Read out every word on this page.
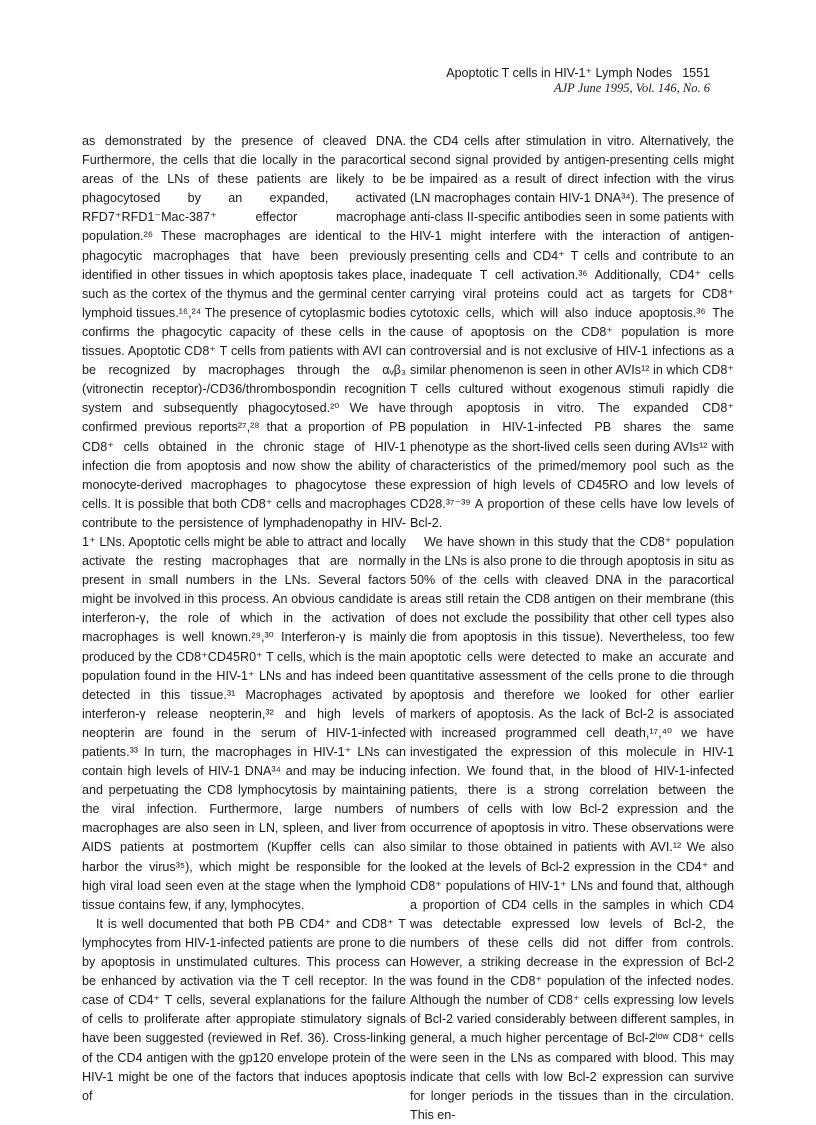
Apoptotic T cells in HIV-1⁺ Lymph Nodes 1551
AJP June 1995, Vol. 146, No. 6

as demonstrated by the presence of cleaved DNA. Furthermore, the cells that die locally in the paracortical areas of the LNs of these patients are likely to be phagocytosed by an expanded, activated RFD7⁺RFD1⁻Mac-387⁺ effector macrophage population.²⁶ These macrophages are identical to the phagocytic macrophages that have been previously identified in other tissues in which apoptosis takes place, such as the cortex of the thymus and the germinal center lymphoid tissues.¹⁶,²⁴ The presence of cytoplasmic bodies confirms the phagocytic capacity of these cells in the tissues. Apoptotic CD8⁺ T cells from patients with AVI can be recognized by macrophages through the αᵥβ₃ (vitronectin receptor)-/CD36/thrombospondin recognition system and subsequently phagocytosed.²⁰ We have confirmed previous reports²⁷,²⁸ that a proportion of PB CD8⁺ cells obtained in the chronic stage of HIV-1 infection die from apoptosis and now show the ability of monocyte-derived macrophages to phagocytose these cells. It is possible that both CD8⁺ cells and macrophages contribute to the persistence of lymphadenopathy in HIV-1⁺ LNs. Apoptotic cells might be able to attract and locally activate the resting macrophages that are normally present in small numbers in the LNs. Several factors might be involved in this process. An obvious candidate is interferon-γ, the role of which in the activation of macrophages is well known.²⁹,³⁰ Interferon-γ is mainly produced by the CD8⁺CD45R0⁺ T cells, which is the main population found in the HIV-1⁺ LNs and has indeed been detected in this tissue.³¹ Macrophages activated by interferon-γ release neopterin,³² and high levels of neopterin are found in the serum of HIV-1-infected patients.³³ In turn, the macrophages in HIV-1⁺ LNs can contain high levels of HIV-1 DNA³⁴ and may be inducing and perpetuating the CD8 lymphocytosis by maintaining the viral infection. Furthermore, large numbers of macrophages are also seen in LN, spleen, and liver from AIDS patients at postmortem (Kupffer cells can also harbor the virus³⁵), which might be responsible for the high viral load seen even at the stage when the lymphoid tissue contains few, if any, lymphocytes.

It is well documented that both PB CD4⁺ and CD8⁺ T lymphocytes from HIV-1-infected patients are prone to die by apoptosis in unstimulated cultures. This process can be enhanced by activation via the T cell receptor. In the case of CD4⁺ T cells, several explanations for the failure of cells to proliferate after appropiate stimulatory signals have been suggested (reviewed in Ref. 36). Cross-linking of the CD4 antigen with the gp120 envelope protein of the HIV-1 might be one of the factors that induces apoptosis of

the CD4 cells after stimulation in vitro. Alternatively, the second signal provided by antigen-presenting cells might be impaired as a result of direct infection with the virus (LN macrophages contain HIV-1 DNA³⁴). The presence of anti-class II-specific antibodies seen in some patients with HIV-1 might interfere with the interaction of antigen-presenting cells and CD4⁺ T cells and contribute to an inadequate T cell activation.³⁶ Additionally, CD4⁺ cells carrying viral proteins could act as targets for CD8⁺ cytotoxic cells, which will also induce apoptosis.³⁶ The cause of apoptosis on the CD8⁺ population is more controversial and is not exclusive of HIV-1 infections as a similar phenomenon is seen in other AVIs¹² in which CD8⁺ T cells cultured without exogenous stimuli rapidly die through apoptosis in vitro. The expanded CD8⁺ population in HIV-1-infected PB shares the same phenotype as the short-lived cells seen during AVIs¹² with characteristics of the primed/memory pool such as the expression of high levels of CD45RO and low levels of CD28.³⁷⁻³⁹ A proportion of these cells have low levels of Bcl-2.

We have shown in this study that the CD8⁺ population in the LNs is also prone to die through apoptosis in situ as 50% of the cells with cleaved DNA in the paracortical areas still retain the CD8 antigen on their membrane (this does not exclude the possibility that other cell types also die from apoptosis in this tissue). Nevertheless, too few apoptotic cells were detected to make an accurate and quantitative assessment of the cells prone to die through apoptosis and therefore we looked for other earlier markers of apoptosis. As the lack of Bcl-2 is associated with increased programmed cell death,¹⁷,⁴⁰ we have investigated the expression of this molecule in HIV-1 infection. We found that, in the blood of HIV-1-infected patients, there is a strong correlation between the numbers of cells with low Bcl-2 expression and the occurrence of apoptosis in vitro. These observations were similar to those obtained in patients with AVI.¹² We also looked at the levels of Bcl-2 expression in the CD4⁺ and CD8⁺ populations of HIV-1⁺ LNs and found that, although a proportion of CD4 cells in the samples in which CD4 was detectable expressed low levels of Bcl-2, the numbers of these cells did not differ from controls. However, a striking decrease in the expression of Bcl-2 was found in the CD8⁺ population of the infected nodes. Although the number of CD8⁺ cells expressing low levels of Bcl-2 varied considerably between different samples, in general, a much higher percentage of Bcl-2ˡᵒʷ CD8⁺ cells were seen in the LNs as compared with blood. This may indicate that cells with low Bcl-2 expression can survive for longer periods in the tissues than in the circulation. This en-
